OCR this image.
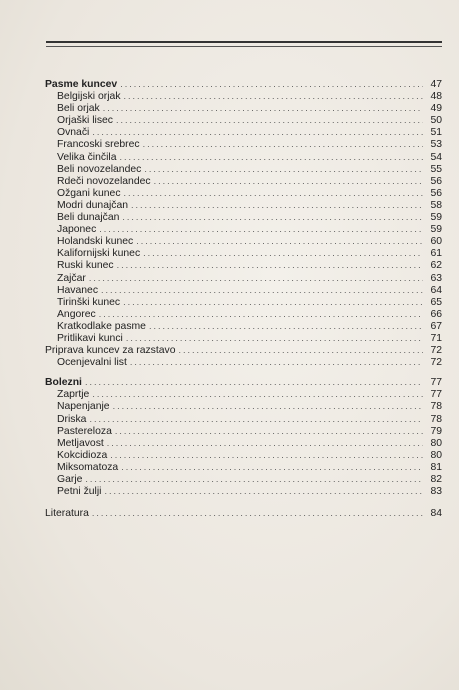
Pasme kuncev .....	47
Belgijski orjak .....	48
Beli orjak .....	49
Orjaški lisec .....	50
Ovnači .....	51
Francoski srebrec .....	53
Velika činčila .....	54
Beli novozelandec .....	55
Rdeči novozelandec .....	56
Ožgani kunec .....	56
Modri dunajčan .....	58
Beli dunajčan .....	59
Japonec .....	59
Holandski kunec .....	60
Kalifornijski kunec .....	61
Ruski kunec .....	62
Zajčar .....	63
Havanec .....	64
Tirinški kunec .....	65
Angorec .....	66
Kratkodlake pasme .....	67
Pritlikavi kunci .....	71
Priprava kuncev za razstavo .....	72
Ocenjevalni list .....	72
Bolezni .....	77
Zaprtje .....	77
Napenjanje .....	78
Driska .....	78
Pastereloza .....	79
Metljavost .....	80
Kokcidioza .....	80
Miksomatoza .....	81
Garje .....	82
Petni žulji .....	83
Literatura .....	84
